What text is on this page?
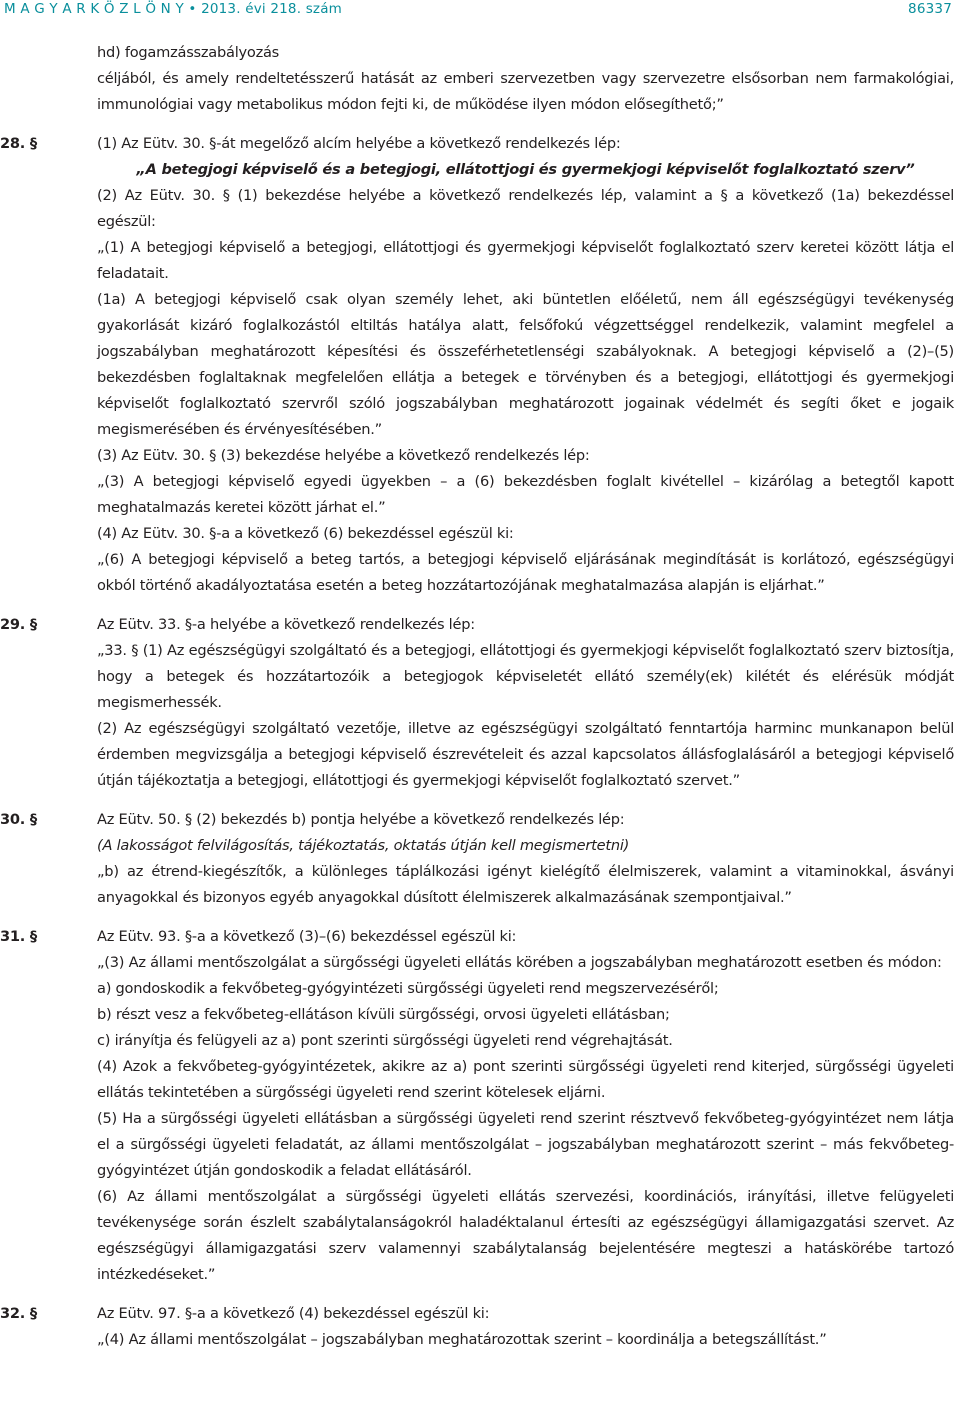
M A G Y A R K Ö Z L Ö N Y • 2013. évi 218. szám	86337

hd) fogamzásszabályozás

céljából, és amely rendeltetésszerű hatását az emberi szervezetben vagy szervezetre elsősorban nem farmakológiai, immunológiai vagy metabolikus módon fejti ki, de működése ilyen módon elősegíthető;”

28. §	(1) Az Eütv. 30. §-át megelőző alcím helyébe a következő rendelkezés lép:

„A betegjogi képviselő és a betegjogi, ellátottjogi és gyermekjogi képviselőt foglalkoztató szerv”

(2) Az Eütv. 30. § (1) bekezdése helyébe a következő rendelkezés lép, valamint a § a következő (1a) bekezdéssel egészül:

„(1) A betegjogi képviselő a betegjogi, ellátottjogi és gyermekjogi képviselőt foglalkoztató szerv keretei között látja el feladatait.

(1a) A betegjogi képviselő csak olyan személy lehet, aki büntetlen előéletű, nem áll egészségügyi tevékenység gyakorlását kizáró foglalkozástól eltiltás hatálya alatt, felsőfokú végzettséggel rendelkezik, valamint megfelel a jogszabályban meghatározott képesítési és összeférhetetlenségi szabályoknak. A betegjogi képviselő a (2)–(5) bekezdésben foglaltaknak megfelelően ellátja a betegek e törvényben és a betegjogi, ellátottjogi és gyermekjogi képviselőt foglalkoztató szervről szóló jogszabályban meghatározott jogainak védelmét és segíti őket e jogaik megismerésében és érvényesítésében.”

(3) Az Eütv. 30. § (3) bekezdése helyébe a következő rendelkezés lép:

„(3) A betegjogi képviselő egyedi ügyekben – a (6) bekezdésben foglalt kivétellel – kizárólag a betegtől kapott meghatalmazás keretei között járhat el.”

(4) Az Eütv. 30. §-a a következő (6) bekezdéssel egészül ki:

„(6) A betegjogi képviselő a beteg tartós, a betegjogi képviselő eljárásának megindítását is korlátozó, egészségügyi okból történő akadályoztatása esetén a beteg hozzátartozójának meghatalmazása alapján is eljárhat.”

29. §	Az Eütv. 33. §-a helyébe a következő rendelkezés lép:

„33. § (1) Az egészségügyi szolgáltató és a betegjogi, ellátottjogi és gyermekjogi képviselőt foglalkoztató szerv biztosítja, hogy a betegek és hozzátartozóik a betegjogok képviseletét ellátó személy(ek) kilétét és elérésük módját megismerhessék.

(2) Az egészségügyi szolgáltató vezetője, illetve az egészségügyi szolgáltató fenntartója harminc munkanapon belül érdemben megvizsgálja a betegjogi képviselő észrevételeit és azzal kapcsolatos állásfoglalásáról a betegjogi képviselő útján tájékoztatja a betegjogi, ellátottjogi és gyermekjogi képviselőt foglalkoztató szervet.”

30. §	Az Eütv. 50. § (2) bekezdés b) pontja helyébe a következő rendelkezés lép:

(A lakosságot felvilágosítás, tájékoztatás, oktatás útján kell megismertetni)

„b) az étrend-kiegészítők, a különleges táplálkozási igényt kielégítő élelmiszerek, valamint a vitaminokkal, ásványi anyagokkal és bizonyos egyéb anyagokkal dúsított élelmiszerek alkalmazásának szempontjaival.”

31. §	Az Eütv. 93. §-a a következő (3)–(6) bekezdéssel egészül ki:

„(3) Az állami mentőszolgálat a sürgősségi ügyeleti ellátás körében a jogszabályban meghatározott esetben és módon:

a) gondoskodik a fekvőbeteg-gyógyintézeti sürgősségi ügyeleti rend megszervezéséről;

b) részt vesz a fekvőbeteg-ellátáson kívüli sürgősségi, orvosi ügyeleti ellátásban;

c) irányítja és felügyeli az a) pont szerinti sürgősségi ügyeleti rend végrehajtását.

(4) Azok a fekvőbeteg-gyógyintézetek, akikre az a) pont szerinti sürgősségi ügyeleti rend kiterjed, sürgősségi ügyeleti ellátás tekintetében a sürgősségi ügyeleti rend szerint kötelesek eljárni.

(5) Ha a sürgősségi ügyeleti ellátásban a sürgősségi ügyeleti rend szerint résztvevő fekvőbeteg-gyógyintézet nem látja el a sürgősségi ügyeleti feladatát, az állami mentőszolgálat – jogszabályban meghatározott szerint – más fekvőbeteg-gyógyintézet útján gondoskodik a feladat ellátásáról.

(6) Az állami mentőszolgálat a sürgősségi ügyeleti ellátás szervezési, koordinációs, irányítási, illetve felügyeleti tevékenysége során észlelt szabálytalanságokról haladéktalanul értesíti az egészségügyi államigazgatási szervet. Az egészségügyi államigazgatási szerv valamennyi szabálytalanság bejelentésére megteszi a hatáskörébe tartozó intézkedéseket.”

32. §	Az Eütv. 97. §-a a következő (4) bekezdéssel egészül ki:

„(4) Az állami mentőszolgálat – jogszabályban meghatározottak szerint – koordinálja a betegszállítást.”
